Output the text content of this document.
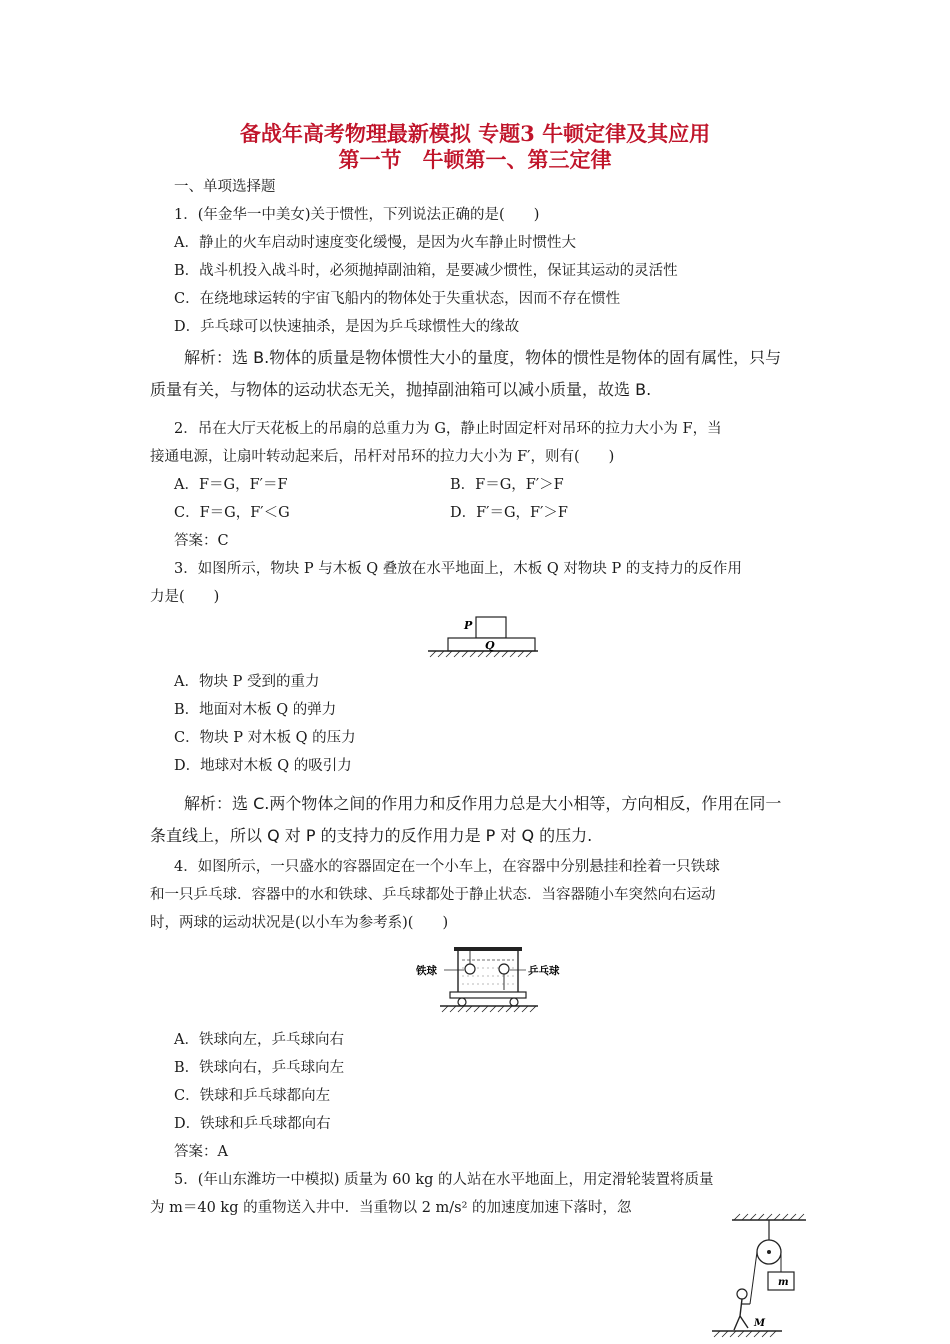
备战年高考物理最新模拟 专题3 牛顿定律及其应用
第一节　牛顿第一、第三定律
一、单项选择题
1．(年金华一中美女)关于惯性，下列说法正确的是(　　)
A．静止的火车启动时速度变化缓慢，是因为火车静止时惯性大
B．战斗机投入战斗时，必须抛掉副油箱，是要减少惯性，保证其运动的灵活性
C．在绕地球运转的宇宙飞船内的物体处于失重状态，因而不存在惯性
D．乒乓球可以快速抽杀，是因为乒乓球惯性大的缘故
解析：选 B.物体的质量是物体惯性大小的量度，物体的惯性是物体的固有属性，只与
质量有关，与物体的运动状态无关，抛掉副油箱可以减小质量，故选 B.
2．吊在大厅天花板上的吊扇的总重力为 G，静止时固定杆对吊环的拉力大小为 F，当
接通电源，让扇叶转动起来后，吊杆对吊环的拉力大小为 F′，则有(　　)
A．F＝G，F′＝F	B．F＝G，F′＞F
C．F＝G，F′＜G	D．F′＝G，F′＞F
答案：C
3．如图所示，物块 P 与木板 Q 叠放在水平地面上，木板 Q 对物块 P 的支持力的反作用
力是(　　)
P
Q
A．物块 P 受到的重力
B．地面对木板 Q 的弹力
C．物块 P 对木板 Q 的压力
D．地球对木板 Q 的吸引力
解析：选 C.两个物体之间的作用力和反作用力总是大小相等，方向相反，作用在同一
条直线上，所以 Q 对 P 的支持力的反作用力是 P 对 Q 的压力.
4．如图所示，一只盛水的容器固定在一个小车上，在容器中分别悬挂和拴着一只铁球
和一只乒乓球．容器中的水和铁球、乒乓球都处于静止状态．当容器随小车突然向右运动
时，两球的运动状况是(以小车为参考系)(　　)
铁球	乒乓球
A．铁球向左，乒乓球向右
B．铁球向右，乒乓球向左
C．铁球和乒乓球都向左
D．铁球和乒乓球都向右
答案：A
5．(年山东潍坊一中模拟) 质量为 60 kg 的人站在水平地面上，用定滑轮装置将质量
为 m＝40 kg 的重物送入井中．当重物以 2 m/s² 的加速度加速下落时，忽
m
M
